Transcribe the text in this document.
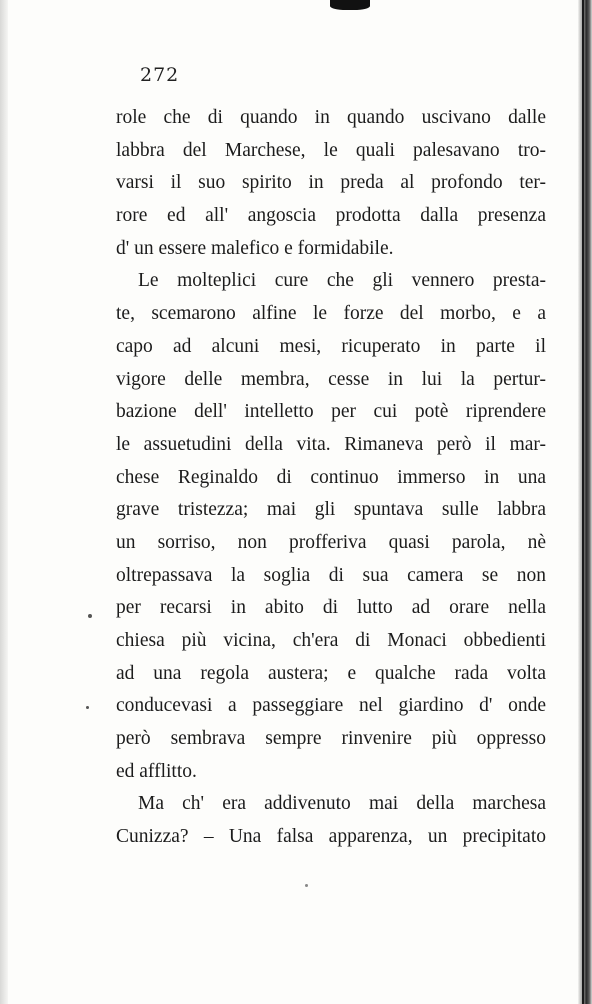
272
role che di quando in quando uscivano dalle
labbra del Marchese, le quali palesavano tro-
varsi il suo spirito in preda al profondo ter-
rore ed all' angoscia prodotta dalla presenza
d' un essere malefico e formidabile.
Le molteplici cure che gli vennero presta-
te, scemarono alfine le forze del morbo, e a
capo ad alcuni mesi, ricuperato in parte il
vigore delle membra, cesse in lui la pertur-
bazione dell' intelletto per cui potè riprendere
le assuetudini della vita. Rimaneva però il mar-
chese Reginaldo di continuo immerso in una
grave tristezza; mai gli spuntava sulle labbra
un sorriso, non profferiva quasi parola, nè
oltrepassava la soglia di sua camera se non
per recarsi in abito di lutto ad orare nella
chiesa più vicina, ch'era di Monaci obbedienti
ad una regola austera; e qualche rada volta
conducevasi a passeggiare nel giardino d' onde
però sembrava sempre rinvenire più oppresso
ed afflitto.
Ma ch' era addivenuto mai della marchesa
Cunizza? – Una falsa apparenza, un precipitato
